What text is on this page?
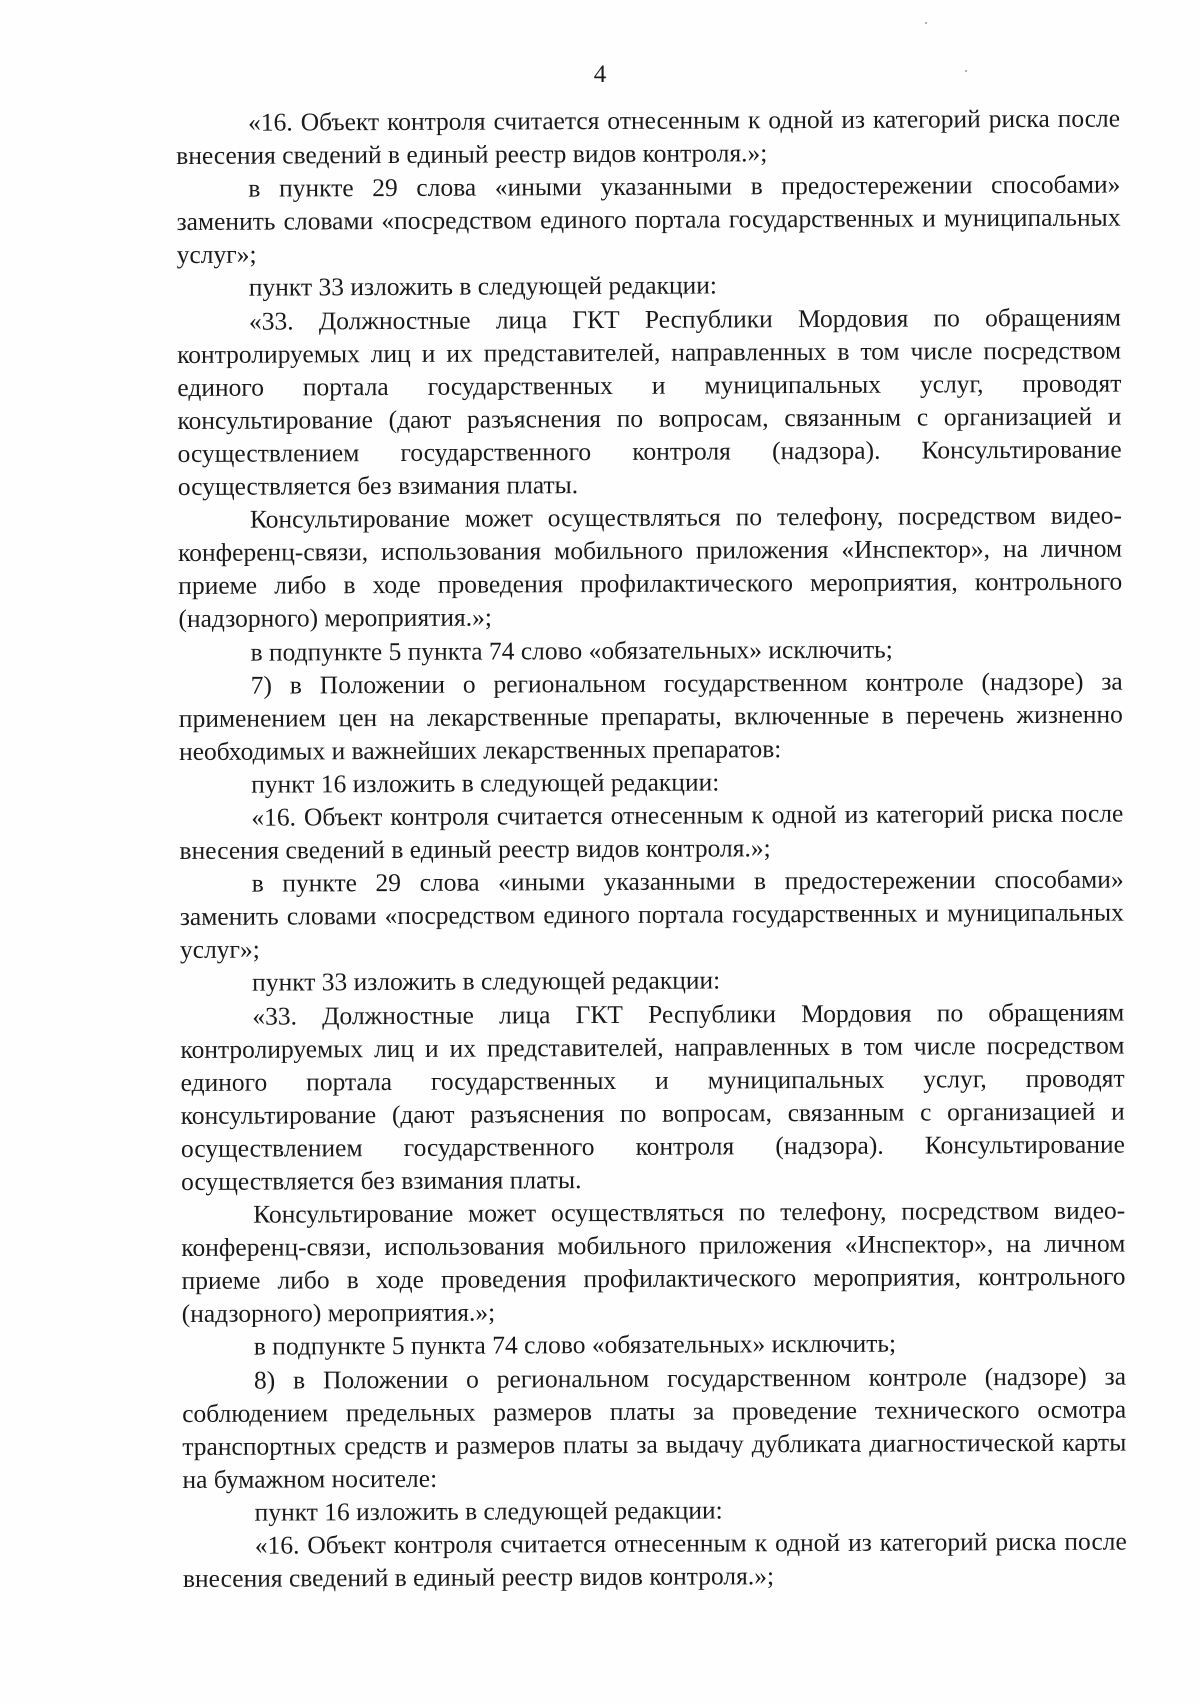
4

«16. Объект контроля считается отнесенным к одной из категорий риска после внесения сведений в единый реестр видов контроля.»;

в пункте 29 слова «иными указанными в предостережении способами» заменить словами «посредством единого портала государственных и муниципальных услуг»;

пункт 33 изложить в следующей редакции:

«33. Должностные лица ГКТ Республики Мордовия по обращениям контролируемых лиц и их представителей, направленных в том числе посредством единого портала государственных и муниципальных услуг, проводят консультирование (дают разъяснения по вопросам, связанным с организацией и осуществлением государственного контроля (надзора). Консультирование осуществляется без взимания платы.

Консультирование может осуществляться по телефону, посредством видео-конференц-связи, использования мобильного приложения «Инспектор», на личном приеме либо в ходе проведения профилактического мероприятия, контрольного (надзорного) мероприятия.»;

в подпункте 5 пункта 74 слово «обязательных» исключить;

7) в Положении о региональном государственном контроле (надзоре) за применением цен на лекарственные препараты, включенные в перечень жизненно необходимых и важнейших лекарственных препаратов:

пункт 16 изложить в следующей редакции:

«16. Объект контроля считается отнесенным к одной из категорий риска после внесения сведений в единый реестр видов контроля.»;

в пункте 29 слова «иными указанными в предостережении способами» заменить словами «посредством единого портала государственных и муниципальных услуг»;

пункт 33 изложить в следующей редакции:

«33. Должностные лица ГКТ Республики Мордовия по обращениям контролируемых лиц и их представителей, направленных в том числе посредством единого портала государственных и муниципальных услуг, проводят консультирование (дают разъяснения по вопросам, связанным с организацией и осуществлением государственного контроля (надзора). Консультирование осуществляется без взимания платы.

Консультирование может осуществляться по телефону, посредством видео-конференц-связи, использования мобильного приложения «Инспектор», на личном приеме либо в ходе проведения профилактического мероприятия, контрольного (надзорного) мероприятия.»;

в подпункте 5 пункта 74 слово «обязательных» исключить;

8) в Положении о региональном государственном контроле (надзоре) за соблюдением предельных размеров платы за проведение технического осмотра транспортных средств и размеров платы за выдачу дубликата диагностической карты на бумажном носителе:

пункт 16 изложить в следующей редакции:

«16. Объект контроля считается отнесенным к одной из категорий риска после внесения сведений в единый реестр видов контроля.»;
